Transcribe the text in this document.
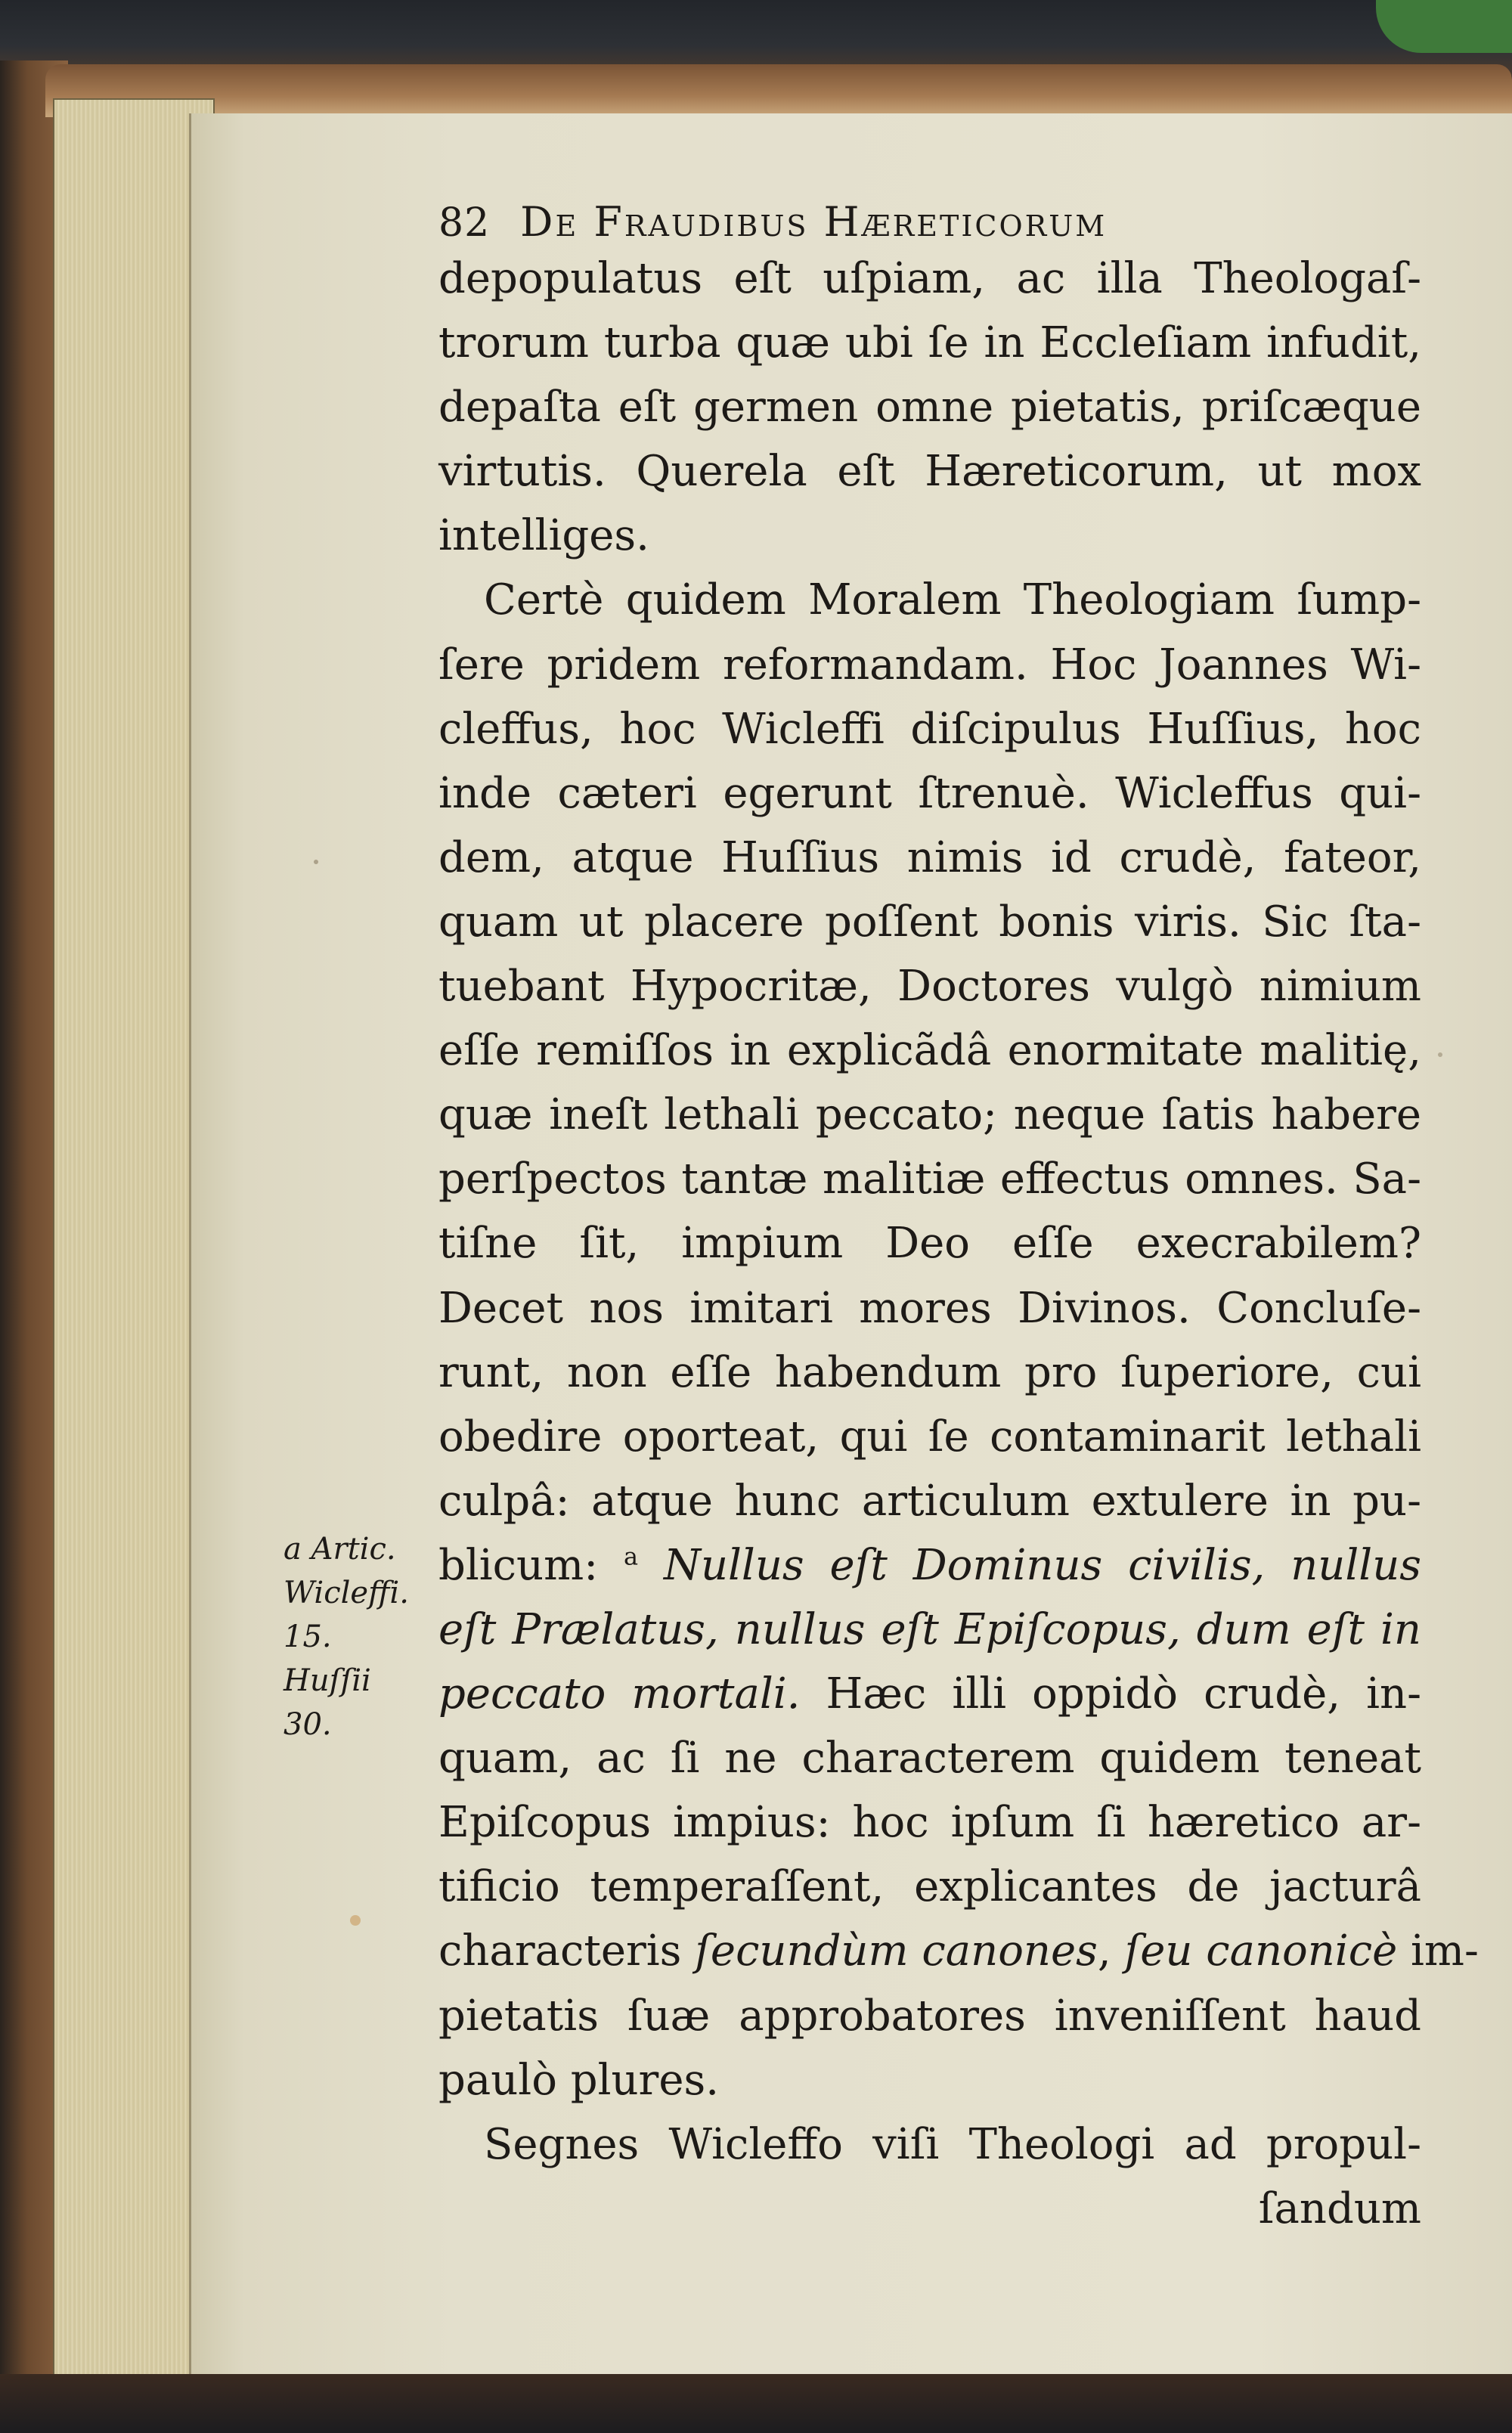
82 De Fraudibus Hæreticorum
depopulatus eſt uſpiam, ac illa Theologaſ-
trorum turba quæ ubi ſe in Eccleſiam infudit,
depaſta eſt germen omne pietatis, priſcæque
virtutis. Querela eſt Hæreticorum, ut mox
intelliges.
Certè quidem Moralem Theologiam ſump-
ſere pridem reformandam. Hoc Joannes Wi-
cleffus, hoc Wicleffi diſcipulus Huſſius, hoc
inde cæteri egerunt ſtrenuè. Wicleffus qui-
dem, atque Huſſius nimis id crudè, fateor,
quam ut placere poſſent bonis viris. Sic ſta-
tuebant Hypocritæ, Doctores vulgò nimium
eſſe remiſſos in explicãdâ enormitate malitię,
quæ ineſt lethali peccato; neque ſatis habere
perſpectos tantæ malitiæ effectus omnes. Sa-
tiſne ſit, impium Deo eſſe execrabilem?
Decet nos imitari mores Divinos. Concluſe-
runt, non eſſe habendum pro ſuperiore, cui
obedire oporteat, qui ſe contaminarit lethali
culpâ: atque hunc articulum extulere in pu-
blicum: $^a$ Nullus eſt Dominus civilis, nullus
eſt Prælatus, nullus eſt Epiſcopus, dum eſt in
peccato mortali. Hæc illi oppidò crudè, in-
quam, ac ſi ne characterem quidem teneat
Epiſcopus impius: hoc ipſum ſi hæretico ar-
tificio temperaſſent, explicantes de jacturâ
characteris ſecundùm canones, ſeu canonicè im-
pietatis ſuæ approbatores inveniſſent haud
paulò plures.
Segnes Wicleffo viſi Theologi ad propul-
ſandum
a Artic.
Wicleffi.
15.
Huſſii
30.
